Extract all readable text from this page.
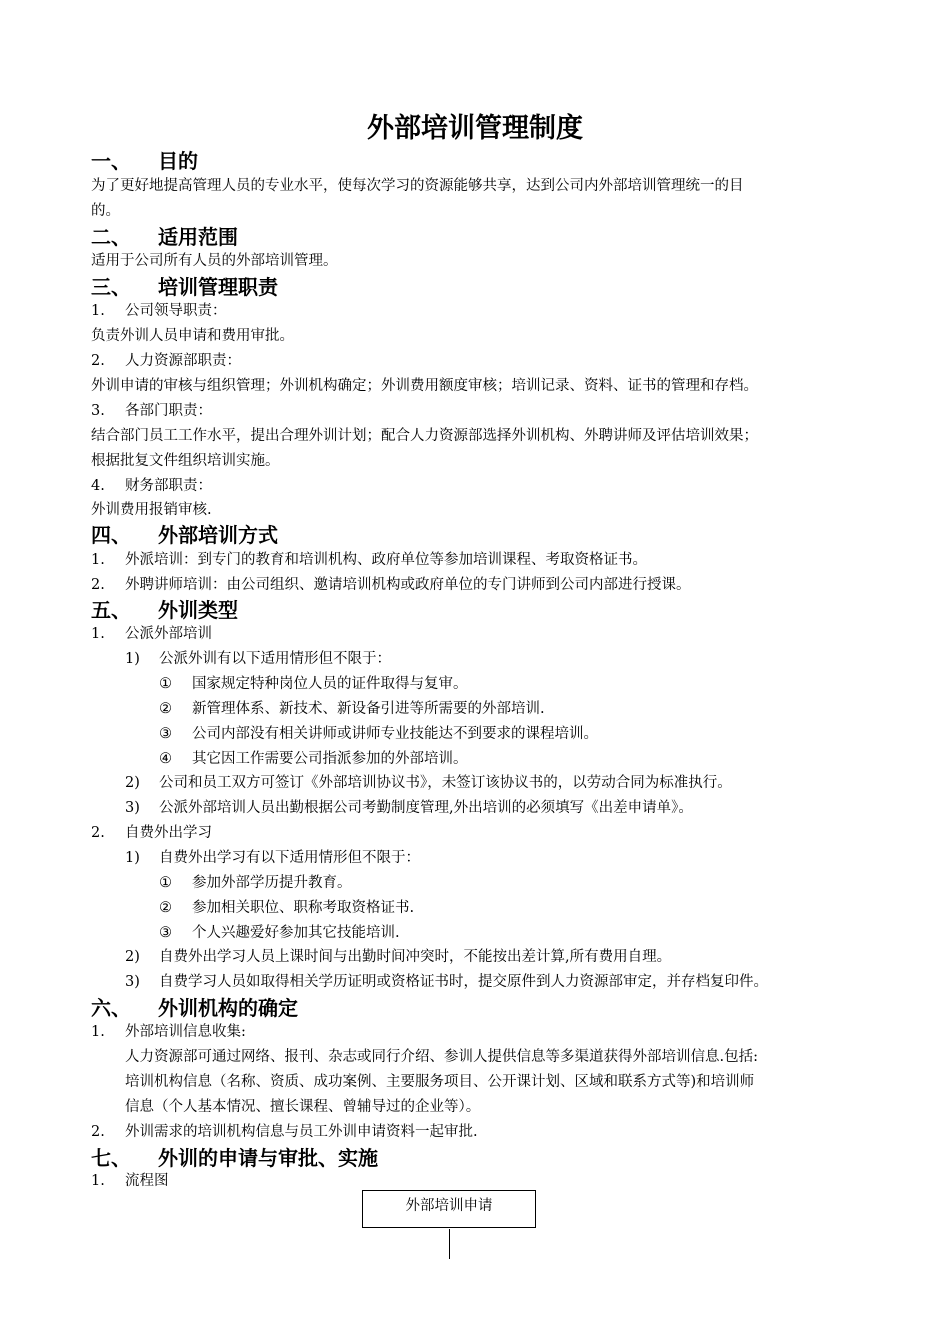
外部培训管理制度
一、 目的
为了更好地提高管理人员的专业水平，使每次学习的资源能够共享，达到公司内外部培训管理统一的目
的。
二、 适用范围
适用于公司所有人员的外部培训管理。
三、 培训管理职责
1. 公司领导职责：
负责外训人员申请和费用审批。
2. 人力资源部职责：
外训申请的审核与组织管理；外训机构确定；外训费用额度审核；培训记录、资料、证书的管理和存档。
3. 各部门职责：
结合部门员工工作水平，提出合理外训计划；配合人力资源部选择外训机构、外聘讲师及评估培训效果；
根据批复文件组织培训实施。
4. 财务部职责：
外训费用报销审核.
四、 外部培训方式
1. 外派培训：到专门的教育和培训机构、政府单位等参加培训课程、考取资格证书。
2. 外聘讲师培训：由公司组织、邀请培训机构或政府单位的专门讲师到公司内部进行授课。
五、 外训类型
1. 公派外部培训
1) 公派外训有以下适用情形但不限于：
① 国家规定特种岗位人员的证件取得与复审。
② 新管理体系、新技术、新设备引进等所需要的外部培训.
③ 公司内部没有相关讲师或讲师专业技能达不到要求的课程培训。
④ 其它因工作需要公司指派参加的外部培训。
2) 公司和员工双方可签订《外部培训协议书》，未签订该协议书的，以劳动合同为标准执行。
3) 公派外部培训人员出勤根据公司考勤制度管理,外出培训的必须填写《出差申请单》。
2. 自费外出学习
1) 自费外出学习有以下适用情形但不限于：
① 参加外部学历提升教育。
② 参加相关职位、职称考取资格证书.
③ 个人兴趣爱好参加其它技能培训.
2) 自费外出学习人员上课时间与出勤时间冲突时，不能按出差计算,所有费用自理。
3) 自费学习人员如取得相关学历证明或资格证书时，提交原件到人力资源部审定，并存档复印件。
六、 外训机构的确定
1. 外部培训信息收集:
人力资源部可通过网络、报刊、杂志或同行介绍、参训人提供信息等多渠道获得外部培训信息.包括:
培训机构信息（名称、资质、成功案例、主要服务项目、公开课计划、区域和联系方式等)和培训师
信息（个人基本情况、擅长课程、曾辅导过的企业等）。
2. 外训需求的培训机构信息与员工外训申请资料一起审批.
七、 外训的申请与审批、实施
1. 流程图
外部培训申请
